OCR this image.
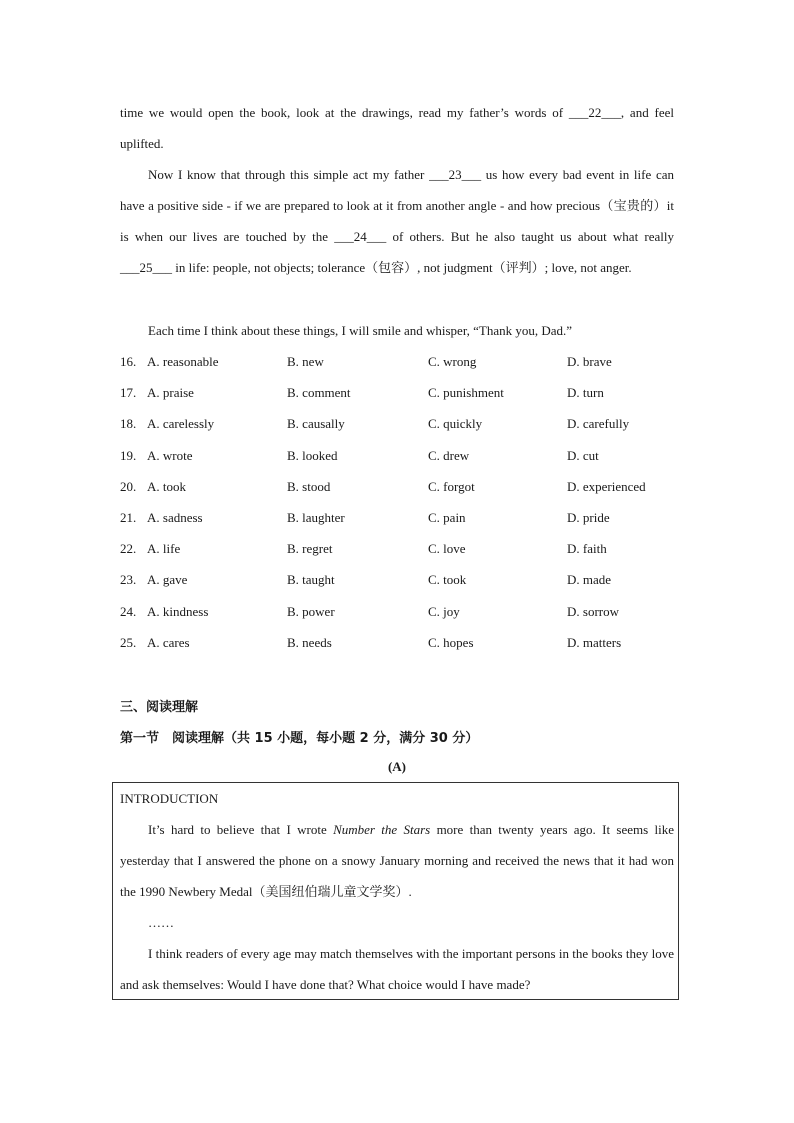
time we would open the book, look at the drawings, read my father’s words of ___22___, and feel uplifted.

Now I know that through this simple act my father ___23___ us how every bad event in life can have a positive side - if we are prepared to look at it from another angle - and how precious（宝贵的）it is when our lives are touched by the ___24___ of others. But he also taught us about what really ___25___ in life: people, not objects; tolerance（包容）, not judgment（评判）; love, not anger.

Each time I think about these things, I will smile and whisper, “Thank you, Dad.”

16. A. reasonable	B. new	C. wrong	D. brave
17. A. praise	B. comment	C. punishment	D. turn
18. A. carelessly	B. causally	C. quickly	D. carefully
19. A. wrote	B. looked	C. drew	D. cut
20. A. took	B. stood	C. forgot	D. experienced
21. A. sadness	B. laughter	C. pain	D. pride
22. A. life	B. regret	C. love	D. faith
23. A. gave	B. taught	C. took	D. made
24. A. kindness	B. power	C. joy	D. sorrow
25. A. cares	B. needs	C. hopes	D. matters
三、阅读理解
第一节　阅读理解（共 15 小题，每小题 2 分，满分 30 分）
(A)

INTRODUCTION

It’s hard to believe that I wrote Number the Stars more than twenty years ago. It seems like yesterday that I answered the phone on a snowy January morning and received the news that it had won the 1990 Newbery Medal（美国纽伯瑞儿童文学奖）.

……

I think readers of every age may match themselves with the important persons in the books they love and ask themselves: Would I have done that? What choice would I have made?
